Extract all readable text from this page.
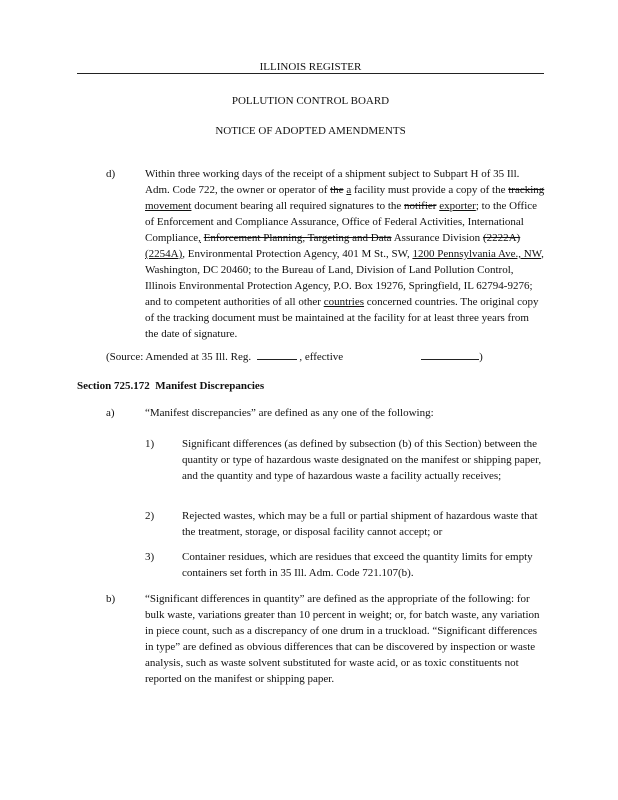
ILLINOIS REGISTER

POLLUTION CONTROL BOARD

NOTICE OF ADOPTED AMENDMENTS

d)	Within three working days of the receipt of a shipment subject to Subpart H of 35 Ill. Adm. Code 722, the owner or operator of the a facility must provide a copy of the tracking movement document bearing all required signatures to the notifier exporter; to the Office of Enforcement and Compliance Assurance, Office of Federal Activities, International Compliance, Enforcement Planning, Targeting and Data Assurance Division (2222A) (2254A), Environmental Protection Agency, 401 M St., SW, 1200 Pennsylvania Ave., NW, Washington, DC 20460; to the Bureau of Land, Division of Land Pollution Control, Illinois Environmental Protection Agency, P.O. Box 19276, Springfield, IL 62794-9276; and to competent authorities of all other countries concerned countries. The original copy of the tracking document must be maintained at the facility for at least three years from the date of signature.

(Source: Amended at 35 Ill. Reg.	, effective	)

Section 725.172 Manifest Discrepancies

a)	“Manifest discrepancies” are defined as any one of the following:

1)	Significant differences (as defined by subsection (b) of this Section) between the quantity or type of hazardous waste designated on the manifest or shipping paper, and the quantity and type of hazardous waste a facility actually receives;

2)	Rejected wastes, which may be a full or partial shipment of hazardous waste that the treatment, storage, or disposal facility cannot accept; or

3)	Container residues, which are residues that exceed the quantity limits for empty containers set forth in 35 Ill. Adm. Code 721.107(b).

b)	“Significant differences in quantity” are defined as the appropriate of the following: for bulk waste, variations greater than 10 percent in weight; or, for batch waste, any variation in piece count, such as a discrepancy of one drum in a truckload. “Significant differences in type” are defined as obvious differences that can be discovered by inspection or waste analysis, such as waste solvent substituted for waste acid, or as toxic constituents not reported on the manifest or shipping paper.
